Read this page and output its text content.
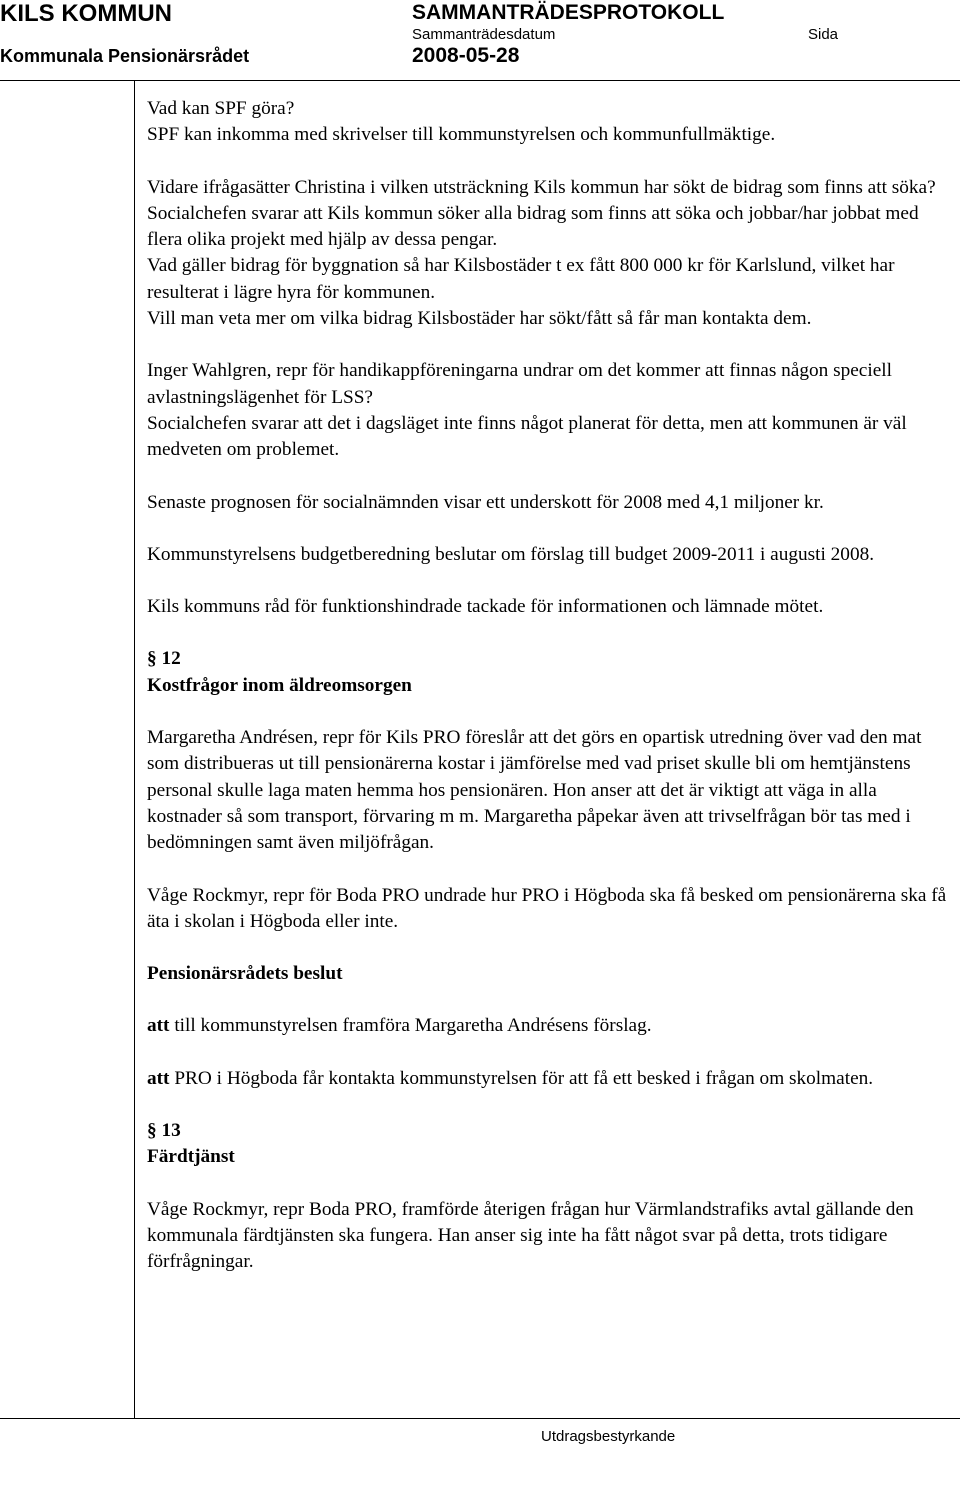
KILS KOMMUN	SAMMANTRÄDESPROTOKOLL
Sammanträdesdatum	Sida
Kommunala Pensionärsrådet	2008-05-28

Vad kan SPF göra?

SPF kan inkomma med skrivelser till kommunstyrelsen och kommunfullmäktige.

Vidare ifrågasätter Christina i vilken utsträckning Kils kommun har sökt de bidrag som finns att söka?

Socialchefen svarar att Kils kommun söker alla bidrag som finns att söka och jobbar/har jobbat med flera olika projekt med hjälp av dessa pengar.

Vad gäller bidrag för byggnation så har Kilsbostäder t ex fått 800 000 kr för Karlslund, vilket har resulterat i lägre hyra för kommunen.

Vill man veta mer om vilka bidrag Kilsbostäder har sökt/fått så får man kontakta dem.

Inger Wahlgren, repr för handikappföreningarna undrar om det kommer att finnas någon speciell avlastningslägenhet för LSS?

Socialchefen svarar att det i dagsläget inte finns något planerat för detta, men att kommunen är väl medveten om problemet.

Senaste prognosen för socialnämnden visar ett underskott för 2008 med 4,1 miljoner kr.

Kommunstyrelsens budgetberedning beslutar om förslag till budget 2009-2011 i augusti 2008.

Kils kommuns råd för funktionshindrade tackade för informationen och lämnade mötet.

§ 12

Kostfrågor inom äldreomsorgen

Margaretha Andrésen, repr för Kils PRO föreslår att det görs en opartisk utredning över vad den mat som distribueras ut till pensionärerna kostar i jämförelse med vad priset skulle bli om hemtjänstens personal skulle laga maten hemma hos pensionären. Hon anser att det är viktigt att väga in alla kostnader så som transport, förvaring m m. Margaretha påpekar även att trivselfrågan bör tas med i bedömningen samt även miljöfrågan.

Våge Rockmyr, repr för Boda PRO undrade hur PRO i Högboda ska få besked om pensionärerna ska få äta i skolan i Högboda eller inte.

Pensionärsrådets beslut

att till kommunstyrelsen framföra Margaretha Andrésens förslag.

att PRO i Högboda får kontakta kommunstyrelsen för att få ett besked i frågan om skolmaten.

§ 13

Färdtjänst

Våge Rockmyr, repr Boda PRO, framförde återigen frågan hur Värmlandstrafiks avtal gällande den kommunala färdtjänsten ska fungera. Han anser sig inte ha fått något svar på detta, trots tidigare förfrågningar.

Utdragsbestyrkande
